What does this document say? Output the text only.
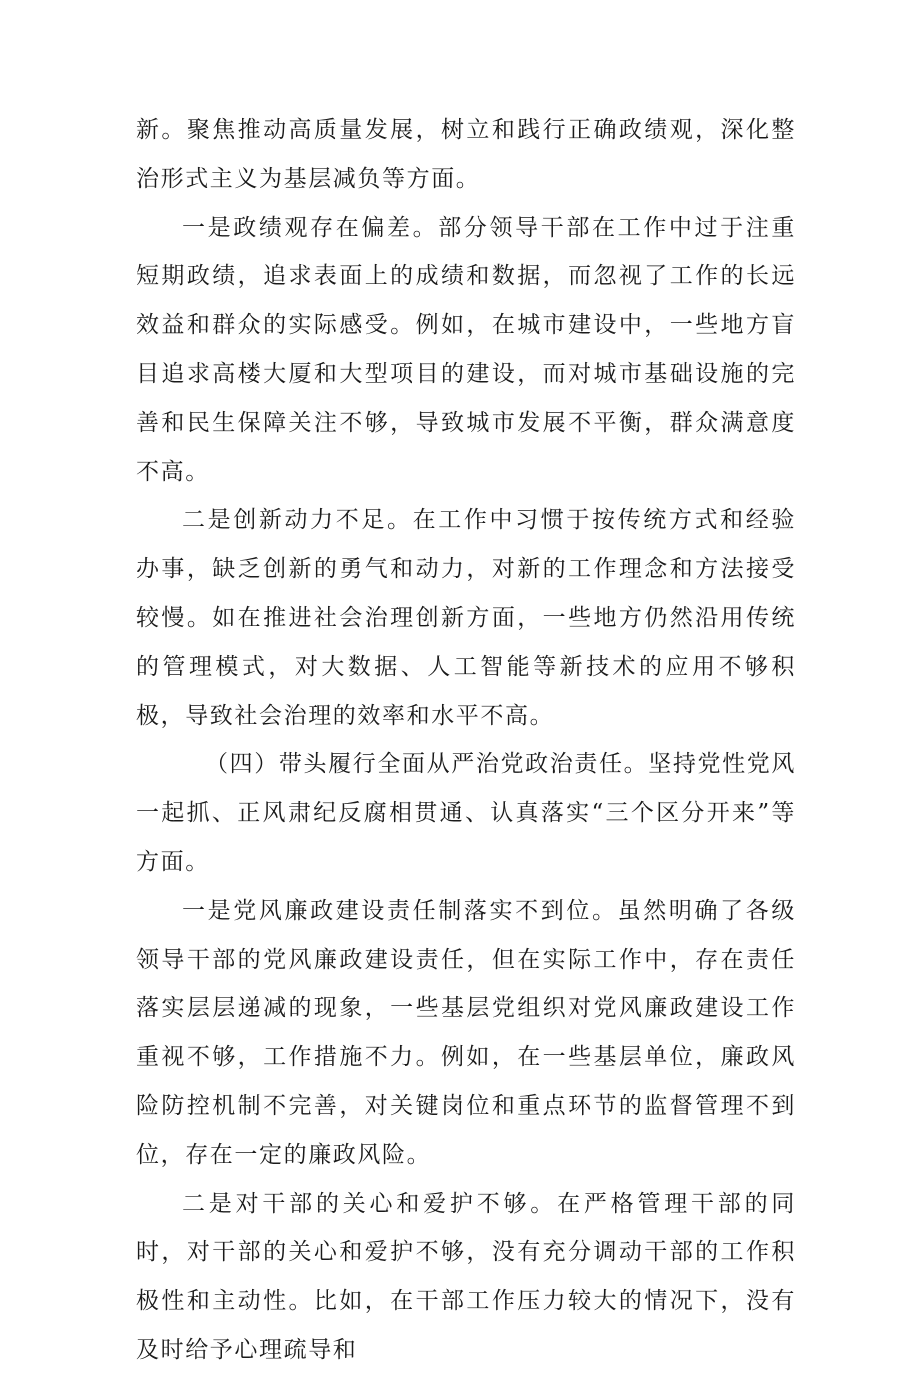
新。聚焦推动高质量发展，树立和践行正确政绩观，深化整治形式主义为基层减负等方面。

一是政绩观存在偏差。部分领导干部在工作中过于注重短期政绩，追求表面上的成绩和数据，而忽视了工作的长远效益和群众的实际感受。例如，在城市建设中，一些地方盲目追求高楼大厦和大型项目的建设，而对城市基础设施的完善和民生保障关注不够，导致城市发展不平衡，群众满意度不高。

二是创新动力不足。在工作中习惯于按传统方式和经验办事，缺乏创新的勇气和动力，对新的工作理念和方法接受较慢。如在推进社会治理创新方面，一些地方仍然沿用传统的管理模式，对大数据、人工智能等新技术的应用不够积极，导致社会治理的效率和水平不高。

（四）带头履行全面从严治党政治责任。坚持党性党风一起抓、正风肃纪反腐相贯通、认真落实“三个区分开来”等方面。

一是党风廉政建设责任制落实不到位。虽然明确了各级领导干部的党风廉政建设责任，但在实际工作中，存在责任落实层层递减的现象，一些基层党组织对党风廉政建设工作重视不够，工作措施不力。例如，在一些基层单位，廉政风险防控机制不完善，对关键岗位和重点环节的监督管理不到位，存在一定的廉政风险。

二是对干部的关心和爱护不够。在严格管理干部的同时，对干部的关心和爱护不够，没有充分调动干部的工作积极性和主动性。比如，在干部工作压力较大的情况下，没有及时给予心理疏导和
